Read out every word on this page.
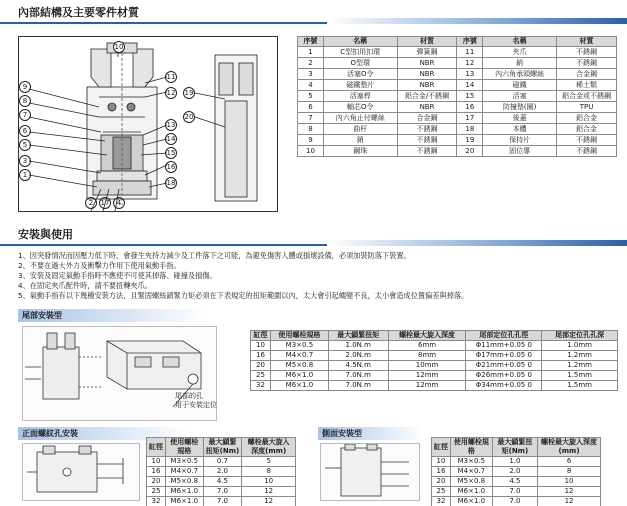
內部結構及主要零件材質
10
9
8
7
6
5
3
1
11
12
13
14
15
16
18
2	17	4
19
20
序號	名稱	材質	序號	名稱	材質
1	C型扣用扣環	彈簧鋼	11	夾爪	不銹鋼
2	O型環	NBR	12	銷	不銹鋼
3	活塞O令	NBR	13	內六角承頭螺絲	合金鋼
4	磁鐵墊片	NBR	14	磁鐵	稀土類
5	活塞桿	鋁合金/不銹鋼	15	活塞	鋁合金或不銹鋼
6	軸芯O令	NBR	16	防撞墊(圈)	TPU
7	內六角止付螺絲	合金鋼	17	後蓋	鋁合金
8	曲杆	不銹鋼	18	本體	鋁合金
9	銷	不銹鋼	19	保持片	不銹鋼
10	鋼珠	不銹鋼	20	固位導	不銹鋼
安裝與使用
1、因突發情況而因壓力低下時，會發生夾持力減少及工件落下之可能，為避免傷害人體或損壞設備，必須加裝防落下裝置。
2、不要在過大外力及衝擊力作用下使用氣動手指。
3、安裝及固定氣動手指時不應使不可使其掉落、碰撞及損傷。
4、在固定夾爪配件時，請不要扭轉夾爪。
5、氣動手指有以下幾種安裝方法，且緊固螺絲鎖緊力矩必須在下表規定的扭矩範圍以內，太大會引起蠕變不良，太小會造成位置偏差與掉落。
尾部安裝型
尾部的孔
用于安裝定位
缸徑	使用螺栓規格	最大鎖緊扭矩	螺栓最大旋入深度	尾部定位孔孔徑	尾部定位孔孔深
10	M3×0.5	1.0N.m	6mm	Φ11mm+0.05 0	1.0mm
16	M4×0.7	2.0N.m	8mm	Φ17mm+0.05 0	1.2mm
20	M5×0.8	4.5N.m	10mm	Φ21mm+0.05 0	1.2mm
25	M6×1.0	7.0N.m	12mm	Φ26mm+0.05 0	1.5mm
32	M6×1.0	7.0N.m	12mm	Φ34mm+0.05 0	1.5mm
正面螺紋孔安裝
缸徑	使用螺栓規格	最大鎖緊扭矩(Nm)	螺栓最大旋入深度(mm)
10	M3×0.5	0.7	5
16	M4×0.7	2.0	8
20	M5×0.8	4.5	10
25	M6×1.0	7.0	12
32	M6×1.0	7.0	12
側面安裝型
缸徑	使用螺栓規格	最大鎖緊扭矩(Nm)	螺栓最大旋入深度(mm)
10	M3×0.5	1.0	6
16	M4×0.7	2.0	8
20	M5×0.8	4.5	10
25	M6×1.0	7.0	12
32	M6×1.0	7.0	12
